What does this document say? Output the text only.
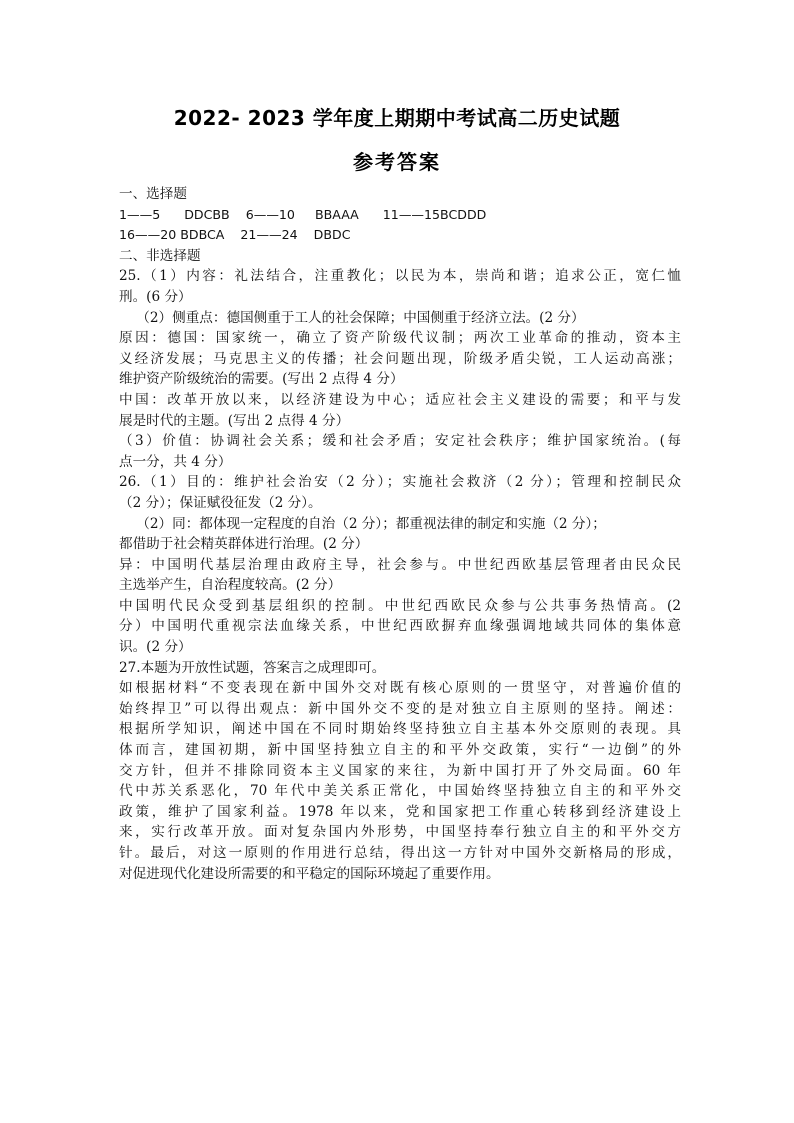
2022- 2023 学年度上期期中考试高二历史试题
参考答案

一、选择题

1——5      DDCBB    6——10     BBAAA      11——15BCDDD

16——20 BDBCA    21——24    DBDC

二、非选择题

25.（1）内容：礼法结合，注重教化；以民为本，崇尚和谐；追求公正，宽仁恤

刑。(6 分）

（2）侧重点：德国侧重于工人的社会保障；中国侧重于经济立法。(2 分）

原因：德国：国家统一，确立了资产阶级代议制；两次工业革命的推动，资本主

义经济发展；马克思主义的传播；社会问题出现，阶级矛盾尖锐，工人运动高涨；

维护资产阶级统治的需要。(写出 2 点得 4 分）

中国：改革开放以来，以经济建设为中心；适应社会主义建设的需要；和平与发

展是时代的主题。(写出 2 点得 4 分）

（3）价值：协调社会关系；缓和社会矛盾；安定社会秩序；维护国家统治。(每

点一分，共 4 分）

26.（1）目的：维护社会治安（2 分）；实施社会救济（2 分）；管理和控制民众

（2 分）；保证赋役征发（2 分）。

（2）同：都体现一定程度的自治（2 分）；都重视法律的制定和实施（2 分）；

都借助于社会精英群体进行治理。(2 分）

异：中国明代基层治理由政府主导，社会参与。中世纪西欧基层管理者由民众民

主选举产生，自治程度较高。(2 分）

中国明代民众受到基层组织的控制。中世纪西欧民众参与公共事务热情高。(2

分）中国明代重视宗法血缘关系，中世纪西欧摒弃血缘强调地域共同体的集体意

识。(2 分）

27.本题为开放性试题，答案言之成理即可。

如根据材料“不变表现在新中国外交对既有核心原则的一贯坚守，对普遍价值的

始终捍卫”可以得出观点：新中国外交不变的是对独立自主原则的坚持。阐述：

根据所学知识，阐述中国在不同时期始终坚持独立自主基本外交原则的表现。具

体而言，建国初期，新中国坚持独立自主的和平外交政策，实行“一边倒”的外

交方针，但并不排除同资本主义国家的来往，为新中国打开了外交局面。60 年

代中苏关系恶化，70 年代中美关系正常化，中国始终坚持独立自主的和平外交

政策，维护了国家利益。1978 年以来，党和国家把工作重心转移到经济建设上

来，实行改革开放。面对复杂国内外形势，中国坚持奉行独立自主的和平外交方

针。最后，对这一原则的作用进行总结，得出这一方针对中国外交新格局的形成，

对促进现代化建设所需要的和平稳定的国际环境起了重要作用。
